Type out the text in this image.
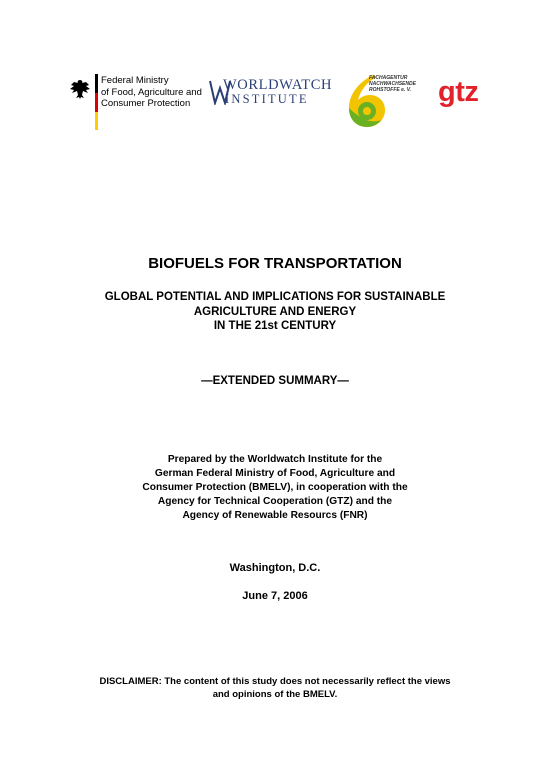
Federal Ministry
of Food, Agriculture and
Consumer Protection
WORLDWATCH
INSTITUTE
FACHAGENTUR
NACHWACHSENDE
ROHSTOFFE e. V. gtz
BIOFUELS FOR TRANSPORTATION
GLOBAL POTENTIAL AND IMPLICATIONS FOR SUSTAINABLE
AGRICULTURE AND ENERGY
IN THE 21st CENTURY
—EXTENDED SUMMARY—
Prepared by the Worldwatch Institute for the
German Federal Ministry of Food, Agriculture and
Consumer Protection (BMELV), in cooperation with the
Agency for Technical Cooperation (GTZ) and the
Agency of Renewable Resourcs (FNR)
Washington, D.C.
June 7, 2006
DISCLAIMER: The content of this study does not necessarily reflect the views
and opinions of the BMELV.
